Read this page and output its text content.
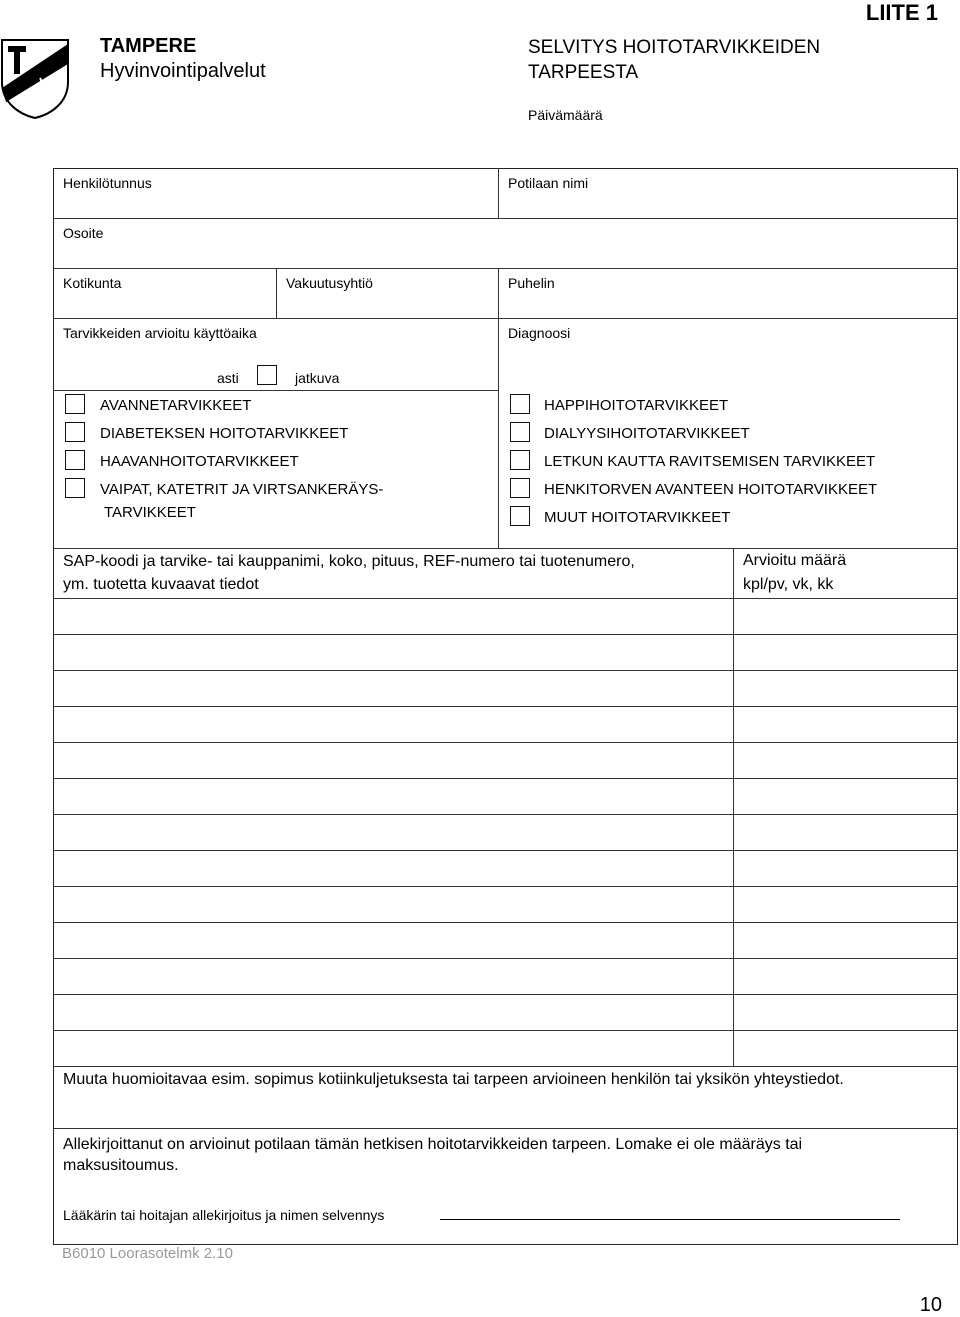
LIITE 1
TAMPERE
Hyvinvointipalvelut
SELVITYS HOITOTARVIKKEIDEN
TARPEESTA
Päivämäärä
Henkilötunnus	Potilaan nimi
Osoite
Kotikunta	Vakuutusyhtiö	Puhelin
Tarvikkeiden arvioitu käyttöaika	Diagnoosi
asti	jatkuva
AVANNETARVIKKEET
DIABETEKSEN HOITOTARVIKKEET
HAAVANHOITOTARVIKKEET
VAIPAT, KATETRIT JA VIRTSANKERÄYS-
TARVIKKEET
HAPPIHOITOTARVIKKEET
DIALYYSIHOITOTARVIKKEET
LETKUN KAUTTA RAVITSEMISEN TARVIKKEET
HENKITORVEN AVANTEEN HOITOTARVIKKEET
MUUT HOITOTARVIKKEET
SAP-koodi ja tarvike- tai kauppanimi, koko, pituus, REF-numero tai tuotenumero,
ym. tuotetta kuvaavat tiedot
Arvioitu määrä
kpl/pv, vk, kk
Muuta huomioitavaa esim. sopimus kotiinkuljetuksesta tai tarpeen arvioineen henkilön tai yksikön yhteystiedot.
Allekirjoittanut on arvioinut potilaan tämän hetkisen hoitotarvikkeiden tarpeen. Lomake ei ole määräys tai
maksusitoumus.
Lääkärin tai hoitajan allekirjoitus ja nimen selvennys
B6010 Loorasotelmk 2.10
10
